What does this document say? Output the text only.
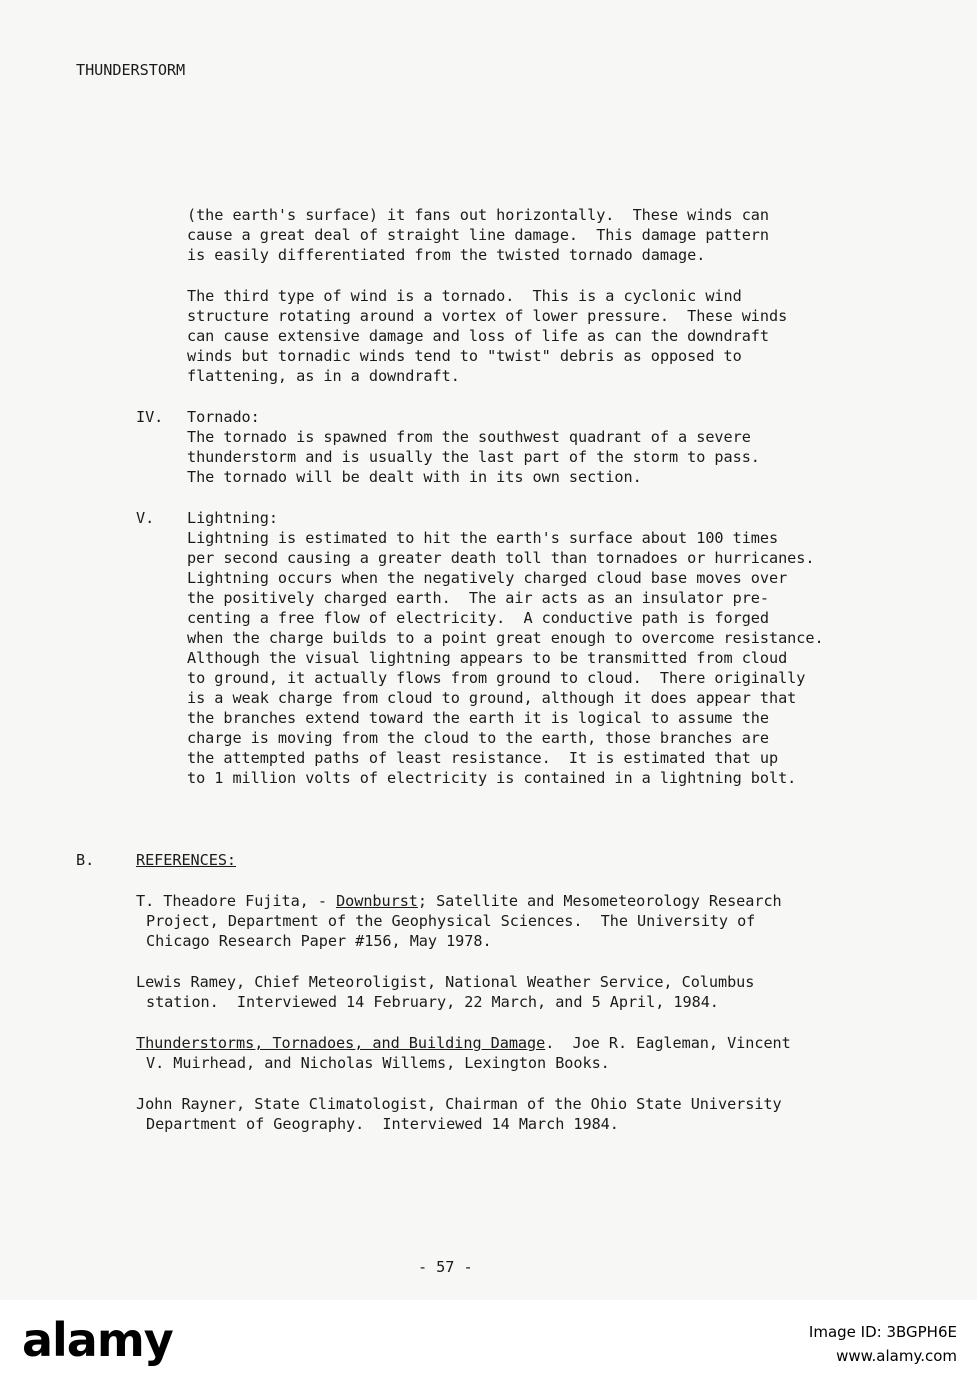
THUNDERSTORM
(the earth's surface) it fans out horizontally.  These winds can
cause a great deal of straight line damage.  This damage pattern
is easily differentiated from the twisted tornado damage.
The third type of wind is a tornado.  This is a cyclonic wind
structure rotating around a vortex of lower pressure.  These winds
can cause extensive damage and loss of life as can the downdraft
winds but tornadic winds tend to "twist" debris as opposed to
flattening, as in a downdraft.
IV. Tornado:
The tornado is spawned from the southwest quadrant of a severe
thunderstorm and is usually the last part of the storm to pass.
The tornado will be dealt with in its own section.
V. Lightning:
Lightning is estimated to hit the earth's surface about 100 times
per second causing a greater death toll than tornadoes or hurricanes.
Lightning occurs when the negatively charged cloud base moves over
the positively charged earth.  The air acts as an insulator pre-
centing a free flow of electricity.  A conductive path is forged
when the charge builds to a point great enough to overcome resistance.
Although the visual lightning appears to be transmitted from cloud
to ground, it actually flows from ground to cloud.  There originally
is a weak charge from cloud to ground, although it does appear that
the branches extend toward the earth it is logical to assume the
charge is moving from the cloud to the earth, those branches are
the attempted paths of least resistance.  It is estimated that up
to 1 million volts of electricity is contained in a lightning bolt.
B.	REFERENCES:
T. Theadore Fujita, - Downburst; Satellite and Mesometeorology Research
Project, Department of the Geophysical Sciences.  The University of
Chicago Research Paper #156, May 1978.
Lewis Ramey, Chief Meteoroligist, National Weather Service, Columbus
station.  Interviewed 14 February, 22 March, and 5 April, 1984.
Thunderstorms, Tornadoes, and Building Damage.  Joe R. Eagleman, Vincent
V. Muirhead, and Nicholas Willems, Lexington Books.
John Rayner, State Climatologist, Chairman of the Ohio State University
Department of Geography.  Interviewed 14 March 1984.
- 57 -
alamy	Image ID: 3BGPH6E
www.alamy.com
